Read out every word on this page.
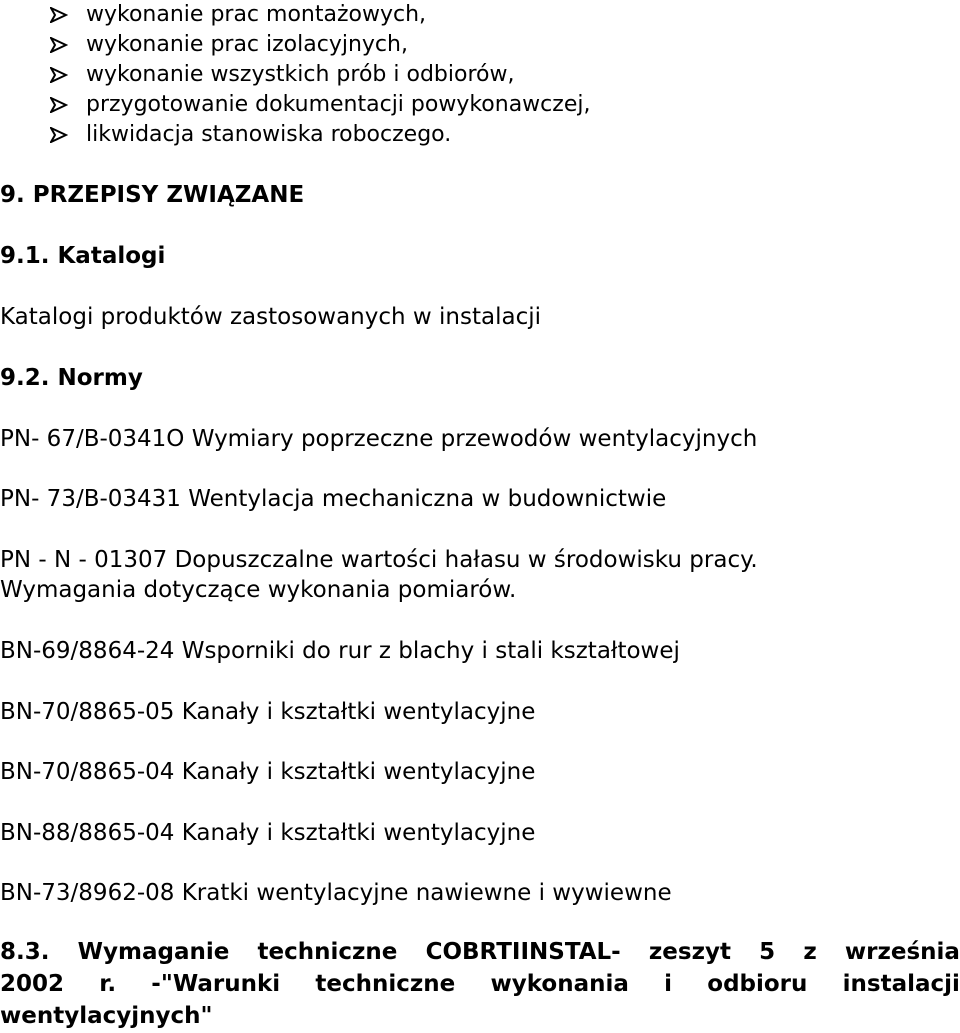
wykonanie prac montażowych,
wykonanie prac izolacyjnych,
wykonanie wszystkich prób i odbiorów,
przygotowanie dokumentacji powykonawczej,
likwidacja stanowiska roboczego.
9. PRZEPISY ZWIĄZANE
9.1. Katalogi
Katalogi produktów zastosowanych w instalacji
9.2. Normy
PN- 67/B-0341O Wymiary poprzeczne przewodów wentylacyjnych
PN- 73/B-03431 Wentylacja mechaniczna w budownictwie
PN - N - 01307 Dopuszczalne wartości hałasu w środowisku pracy.
Wymagania dotyczące wykonania pomiarów.
BN-69/8864-24 Wsporniki do rur z blachy i stali kształtowej
BN-70/8865-05 Kanały i kształtki wentylacyjne
BN-70/8865-04 Kanały i kształtki wentylacyjne
BN-88/8865-04 Kanały i kształtki wentylacyjne
BN-73/8962-08 Kratki wentylacyjne nawiewne i wywiewne
8.3. Wymaganie techniczne COBRTIINSTAL- zeszyt 5 z września
2002 r. -"Warunki techniczne wykonania i odbioru instalacji
wentylacyjnych"
